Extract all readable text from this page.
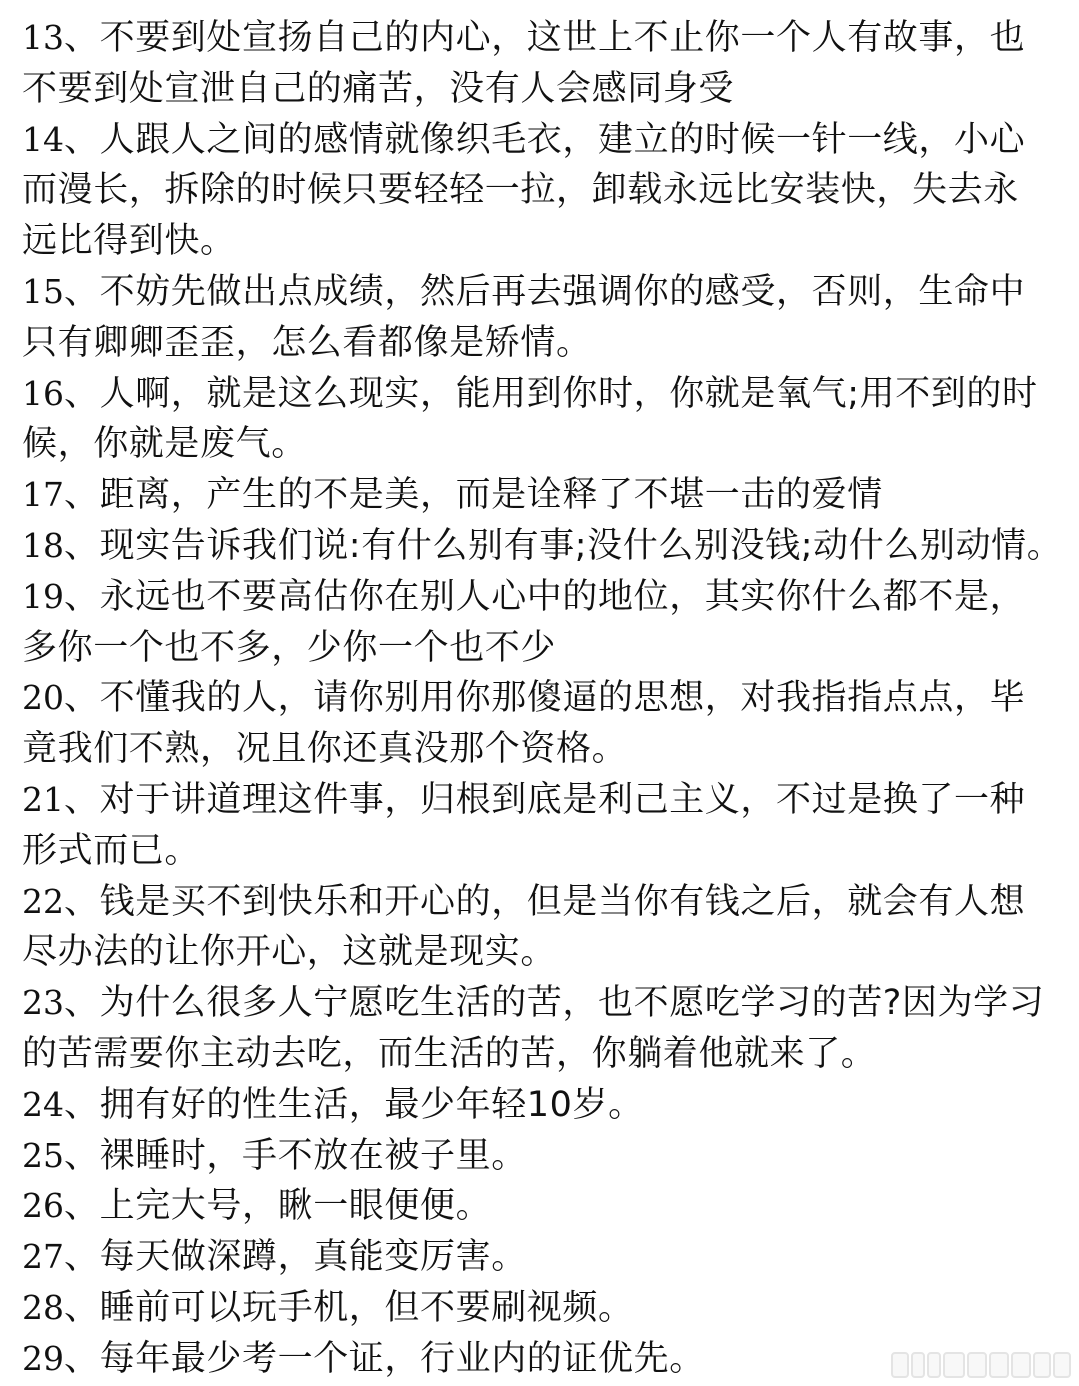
13、不要到处宣扬自己的内心，这世上不止你一个人有故事，也
不要到处宣泄自己的痛苦，没有人会感同身受
14、人跟人之间的感情就像织毛衣，建立的时候一针一线，小心
而漫长，拆除的时候只要轻轻一拉，卸载永远比安装快，失去永
远比得到快。
15、不妨先做出点成绩，然后再去强调你的感受，否则，生命中
只有卿卿歪歪，怎么看都像是矫情。
16、人啊，就是这么现实，能用到你时，你就是氧气;用不到的时
候，你就是废气。
17、距离，产生的不是美，而是诠释了不堪一击的爱情
18、现实告诉我们说:有什么别有事;没什么别没钱;动什么别动情。
19、永远也不要高估你在别人心中的地位，其实你什么都不是，
多你一个也不多，少你一个也不少
20、不懂我的人，请你别用你那傻逼的思想，对我指指点点，毕
竟我们不熟，况且你还真没那个资格。
21、对于讲道理这件事，归根到底是利己主义，不过是换了一种
形式而已。
22、钱是买不到快乐和开心的，但是当你有钱之后，就会有人想
尽办法的让你开心，这就是现实。
23、为什么很多人宁愿吃生活的苦，也不愿吃学习的苦?因为学习
的苦需要你主动去吃，而生活的苦，你躺着他就来了。
24、拥有好的性生活，最少年轻10岁。
25、裸睡时，手不放在被子里。
26、上完大号，瞅一眼便便。
27、每天做深蹲，真能变厉害。
28、睡前可以玩手机，但不要刷视频。
29、每年最少考一个证，行业内的证优先。
